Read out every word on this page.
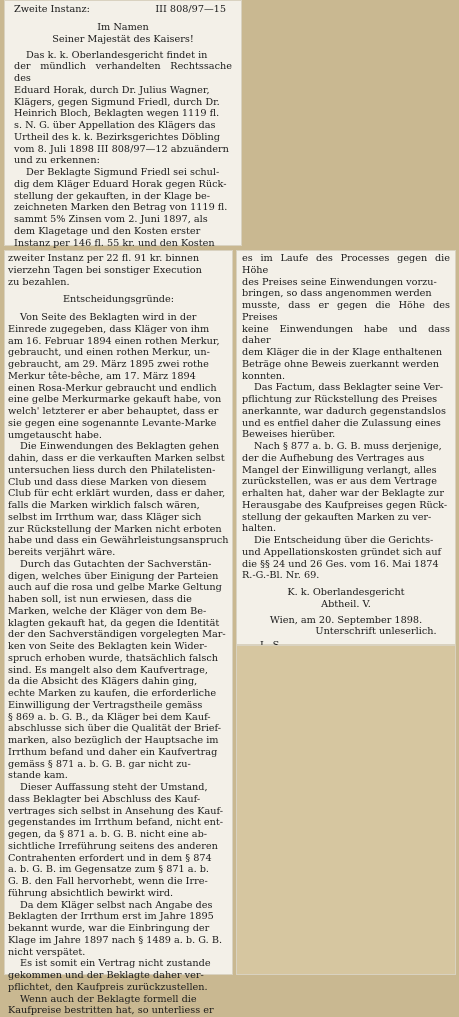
Zweite Instanz:	III 808/97—15

Im Namen

Seiner Majestät des Kaisers!

Das k. k. Oberlandesgericht findet in

der mündlich verhandelten Rechtssache des

Eduard Horak, durch Dr. Julius Wagner,

Klägers, gegen Sigmund Friedl, durch Dr.

Heinrich Bloch, Beklagten wegen 1119 fl.

s. N. G. über Appellation des Klägers das

Urtheil des k. k. Bezirksgerichtes Döbling

vom 8. Juli 1898 III 808/97—12 abzuändern

und zu erkennen:

Der Beklagte Sigmund Friedl sei schul-

dig dem Kläger Eduard Horak gegen Rück-

stellung der gekauften, in der Klage be-

zeichneten Marken den Betrag von 1119 fl.

sammt 5% Zinsen vom 2. Juni 1897, als

dem Klagetage und den Kosten erster

Instanz per 146 fl. 55 kr. und den Kosten

zweiter Instanz per 22 fl. 91 kr. binnen

vierzehn Tagen bei sonstiger Execution

zu bezahlen.

Entscheidungsgründe:

Von Seite des Beklagten wird in der

Einrede zugegeben, dass Kläger von ihm

am 16. Februar 1894 einen rothen Merkur,

gebraucht, und einen rothen Merkur, un-

gebraucht, am 29. März 1895 zwei rothe

Merkur tête-bêche, am 17. März 1894

einen Rosa-Merkur gebraucht und endlich

eine gelbe Merkurmarke gekauft habe, von

welch' letzterer er aber behauptet, dass er

sie gegen eine sogenannte Levante-Marke

umgetauscht habe.

Die Einwendungen des Beklagten gehen

dahin, dass er die verkauften Marken selbst

untersuchen liess durch den Philatelisten-

Club und dass diese Marken von diesem

Club für echt erklärt wurden, dass er daher,

falls die Marken wirklich falsch wären,

selbst im Irrthum war, dass Kläger sich

zur Rückstellung der Marken nicht erboten

habe und dass ein Gewährleistungsanspruch

bereits verjährt wäre.

Durch das Gutachten der Sachverstän-

digen, welches über Einigung der Parteien

auch auf die rosa und gelbe Marke Geltung

haben soll, ist nun erwiesen, dass die

Marken, welche der Kläger von dem Be-

klagten gekauft hat, da gegen die Identität

der den Sachverständigen vorgelegten Mar-

ken von Seite des Beklagten kein Wider-

spruch erhoben wurde, thatsächlich falsch

sind. Es mangelt also dem Kaufvertrage,

da die Absicht des Klägers dahin ging,

echte Marken zu kaufen, die erforderliche

Einwilligung der Vertragstheile gemäss

§ 869 a. b. G. B., da Kläger bei dem Kauf-

abschlusse sich über die Qualität der Brief-

marken, also bezüglich der Hauptsache im

Irrthum befand und daher ein Kaufvertrag

gemäss § 871 a. b. G. B. gar nicht zu-

stande kam.

Dieser Auffassung steht der Umstand,

dass Beklagter bei Abschluss des Kauf-

vertrages sich selbst in Ansehung des Kauf-

gegenstandes im Irrthum befand, nicht ent-

gegen, da § 871 a. b. G. B. nicht eine ab-

sichtliche Irreführung seitens des anderen

Contrahenten erfordert und in dem § 874

a. b. G. B. im Gegensatze zum § 871 a. b.

G. B. den Fall hervorhebt, wenn die Irre-

führung absichtlich bewirkt wird.

Da dem Kläger selbst nach Angabe des

Beklagten der Irrthum erst im Jahre 1895

bekannt wurde, war die Einbringung der

Klage im Jahre 1897 nach § 1489 a. b. G. B.

nicht verspätet.

Es ist somit ein Vertrag nicht zustande

gekommen und der Beklagte daher ver-

pflichtet, den Kaufpreis zurückzustellen.

Wenn auch der Beklagte formell die

Kaufpreise bestritten hat, so unterliess er

es im Laufe des Processes gegen die Höhe

des Preises seine Einwendungen vorzu-

bringen, so dass angenommen werden

musste, dass er gegen die Höhe des Preises

keine Einwendungen habe und dass daher

dem Kläger die in der Klage enthaltenen

Beträge ohne Beweis zuerkannt werden

konnten.

Das Factum, dass Beklagter seine Ver-

pflichtung zur Rückstellung des Preises

anerkannte, war dadurch gegenstandslos

und es entfiel daher die Zulassung eines

Beweises hierüber.

Nach § 877 a. b. G. B. muss derjenige,

der die Aufhebung des Vertrages aus

Mangel der Einwilligung verlangt, alles

zurückstellen, was er aus dem Vertrage

erhalten hat, daher war der Beklagte zur

Herausgabe des Kaufpreises gegen Rück-

stellung der gekauften Marken zu ver-

halten.

Die Entscheidung über die Gerichts-

und Appellationskosten gründet sich auf

die §§ 24 und 26 Ges. vom 16. Mai 1874

R.-G.-Bl. Nr. 69.

K. k. Oberlandesgericht

Abtheil. V.

Wien, am 20. September 1898.

Unterschrift unleserlich.
